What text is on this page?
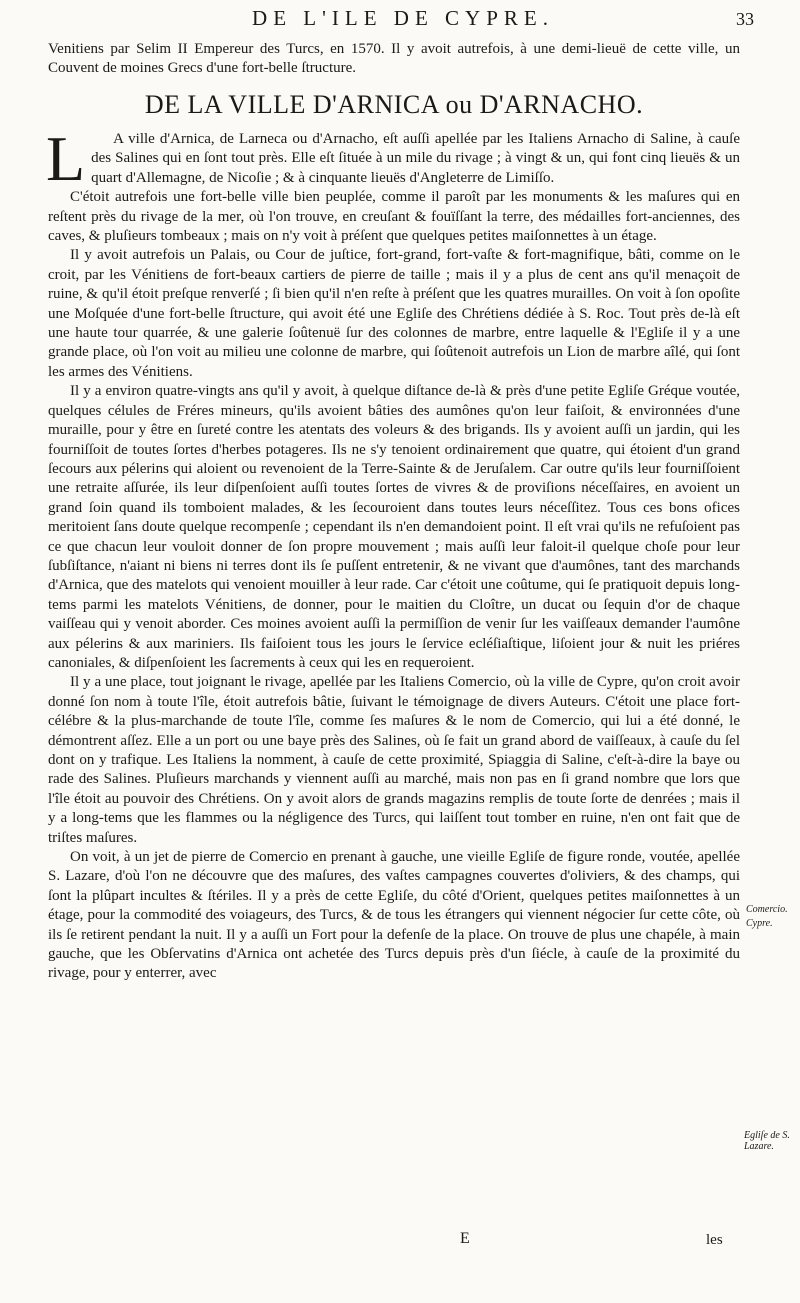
DE L'ILE DE CYPRE.	33

Venitiens par Selim II Empereur des Turcs, en 1570. Il y avoit autrefois, à une demi-lieuë de cette ville, un Couvent de moines Grecs d'une fort-belle ſtructure.

DE LA VILLE D'ARNICA ou D'ARNACHO.
L	A ville d'Arnica, de Larneca ou d'Arnacho, eſt auſſi apellée par les Italiens Arnacho di Saline, à cauſe des Salines qui en ſont tout près. Elle eſt ſituée à un mile du rivage ; à vingt & un, qui font cinq lieuës & un quart d'Allemagne, de Nicoſie ; & à cinquante lieuës d'Angleterre de Limiſſo.

C'étoit autrefois une fort-belle ville bien peuplée, comme il paroît par les monuments & les maſures qui en reſtent près du rivage de la mer, où l'on trouve, en creuſant & fouïſſant la terre, des médailles fort-anciennes, des caves, & pluſieurs tombeaux ; mais on n'y voit à préſent que quelques petites maiſonnettes à un étage.

Il y avoit autrefois un Palais, ou Cour de juſtice, fort-grand, fort-vaſte & fort-magnifique, bâti, comme on le croit, par les Vénitiens de fort-beaux cartiers de pierre de taille ; mais il y a plus de cent ans qu'il menaçoit de ruine, & qu'il étoit preſque renverſé ; ſi bien qu'il n'en reſte à préſent que les quatres murailles. On voit à ſon opoſite une Moſquée d'une fort-belle ſtructure, qui avoit été une Egliſe des Chrétiens dédiée à S. Roc. Tout près de-là eſt une haute tour quarrée, & une galerie ſoûtenuë ſur des colonnes de marbre, entre laquelle & l'Egliſe il y a une grande place, où l'on voit au milieu une colonne de marbre, qui ſoûtenoit autrefois un Lion de marbre aîlé, qui ſont les armes des Vénitiens.

Il y a environ quatre-vingts ans qu'il y avoit, à quelque diſtance de-là & près d'une petite Egliſe Gréque voutée, quelques célules de Fréres mineurs, qu'ils avoient bâties des aumônes qu'on leur faiſoit, & environnées d'une muraille, pour y être en ſureté contre les atentats des voleurs & des brigands. Ils y avoient auſſi un jardin, qui les fourniſſoit de toutes ſortes d'herbes potageres. Ils ne s'y tenoient ordinairement que quatre, qui étoient d'un grand ſecours aux pélerins qui aloient ou revenoient de la Terre-Sainte & de Jeruſalem. Car outre qu'ils leur fourniſſoient une retraite aſſurée, ils leur diſpenſoient auſſi toutes ſortes de vivres & de proviſions néceſſaires, en avoient un grand ſoin quand ils tomboient malades, & les ſecouroient dans toutes leurs néceſſitez. Tous ces bons ofices meritoient ſans doute quelque recompenſe ; cependant ils n'en demandoient point. Il eſt vrai qu'ils ne refuſoient pas ce que chacun leur vouloit donner de ſon propre mouvement ; mais auſſi leur faloit-il quelque choſe pour leur ſubſiſtance, n'aiant ni biens ni terres dont ils ſe puſſent entretenir, & ne vivant que d'aumônes, tant des marchands d'Arnica, que des matelots qui venoient mouiller à leur rade. Car c'étoit une coûtume, qui ſe pratiquoit depuis long-tems parmi les matelots Vénitiens, de donner, pour le maitien du Cloître, un ducat ou ſequin d'or de chaque vaiſſeau qui y venoit aborder. Ces moines avoient auſſi la permiſſion de venir ſur les vaiſſeaux demander l'aumône aux pélerins & aux mariniers. Ils faiſoient tous les jours le ſervice ecléſiaſtique, liſoient jour & nuit les priéres canoniales, & diſpenſoient les ſacrements à ceux qui les en requeroient.

Il y a une place, tout joignant le rivage, apellée par les Italiens Comercio, où la ville de Cypre, qu'on croit avoir donné ſon nom à toute l'île, étoit autrefois bâtie, ſuivant le témoignage de divers Auteurs. C'étoit une place fort-célébre & la plus-marchande de toute l'île, comme ſes maſures & le nom de Comercio, qui lui a été donné, le démontrent aſſez. Elle a un port ou une baye près des Salines, où ſe fait un grand abord de vaiſſeaux, à cauſe du ſel dont on y trafique. Les Italiens la nomment, à cauſe de cette proximité, Spiaggia di Saline, c'eſt-à-dire la baye ou rade des Salines. Pluſieurs marchands y viennent auſſi au marché, mais non pas en ſi grand nombre que lors que l'île étoit au pouvoir des Chrétiens. On y avoit alors de grands magazins remplis de toute ſorte de denrées ; mais il y a long-tems que les flammes ou la négligence des Turcs, qui laiſſent tout tomber en ruine, n'en ont fait que de triſtes maſures.

On voit, à un jet de pierre de Comercio en prenant à gauche, une vieille Egliſe de figure ronde, voutée, apellée S. Lazare, d'où l'on ne découvre que des maſures, des vaſtes campagnes couvertes d'oliviers, & des champs, qui ſont la plûpart incultes & ſtériles. Il y a près de cette Egliſe, du côté d'Orient, quelques petites maiſonnettes à un étage, pour la commodité des voiageurs, des Turcs, & de tous les étrangers qui viennent négocier ſur cette côte, où ils ſe retirent pendant la nuit. Il y a auſſi un Fort pour la defenſe de la place. On trouve de plus une chapéle, à main gauche, que les Obſervatins d'Arnica ont achetée des Turcs depuis près d'un ſiécle, à cauſe de la proximité du rivage, pour y enterrer, avec

Comercio.
Cypre.
Egliſe de S. Lazare.
E	les
